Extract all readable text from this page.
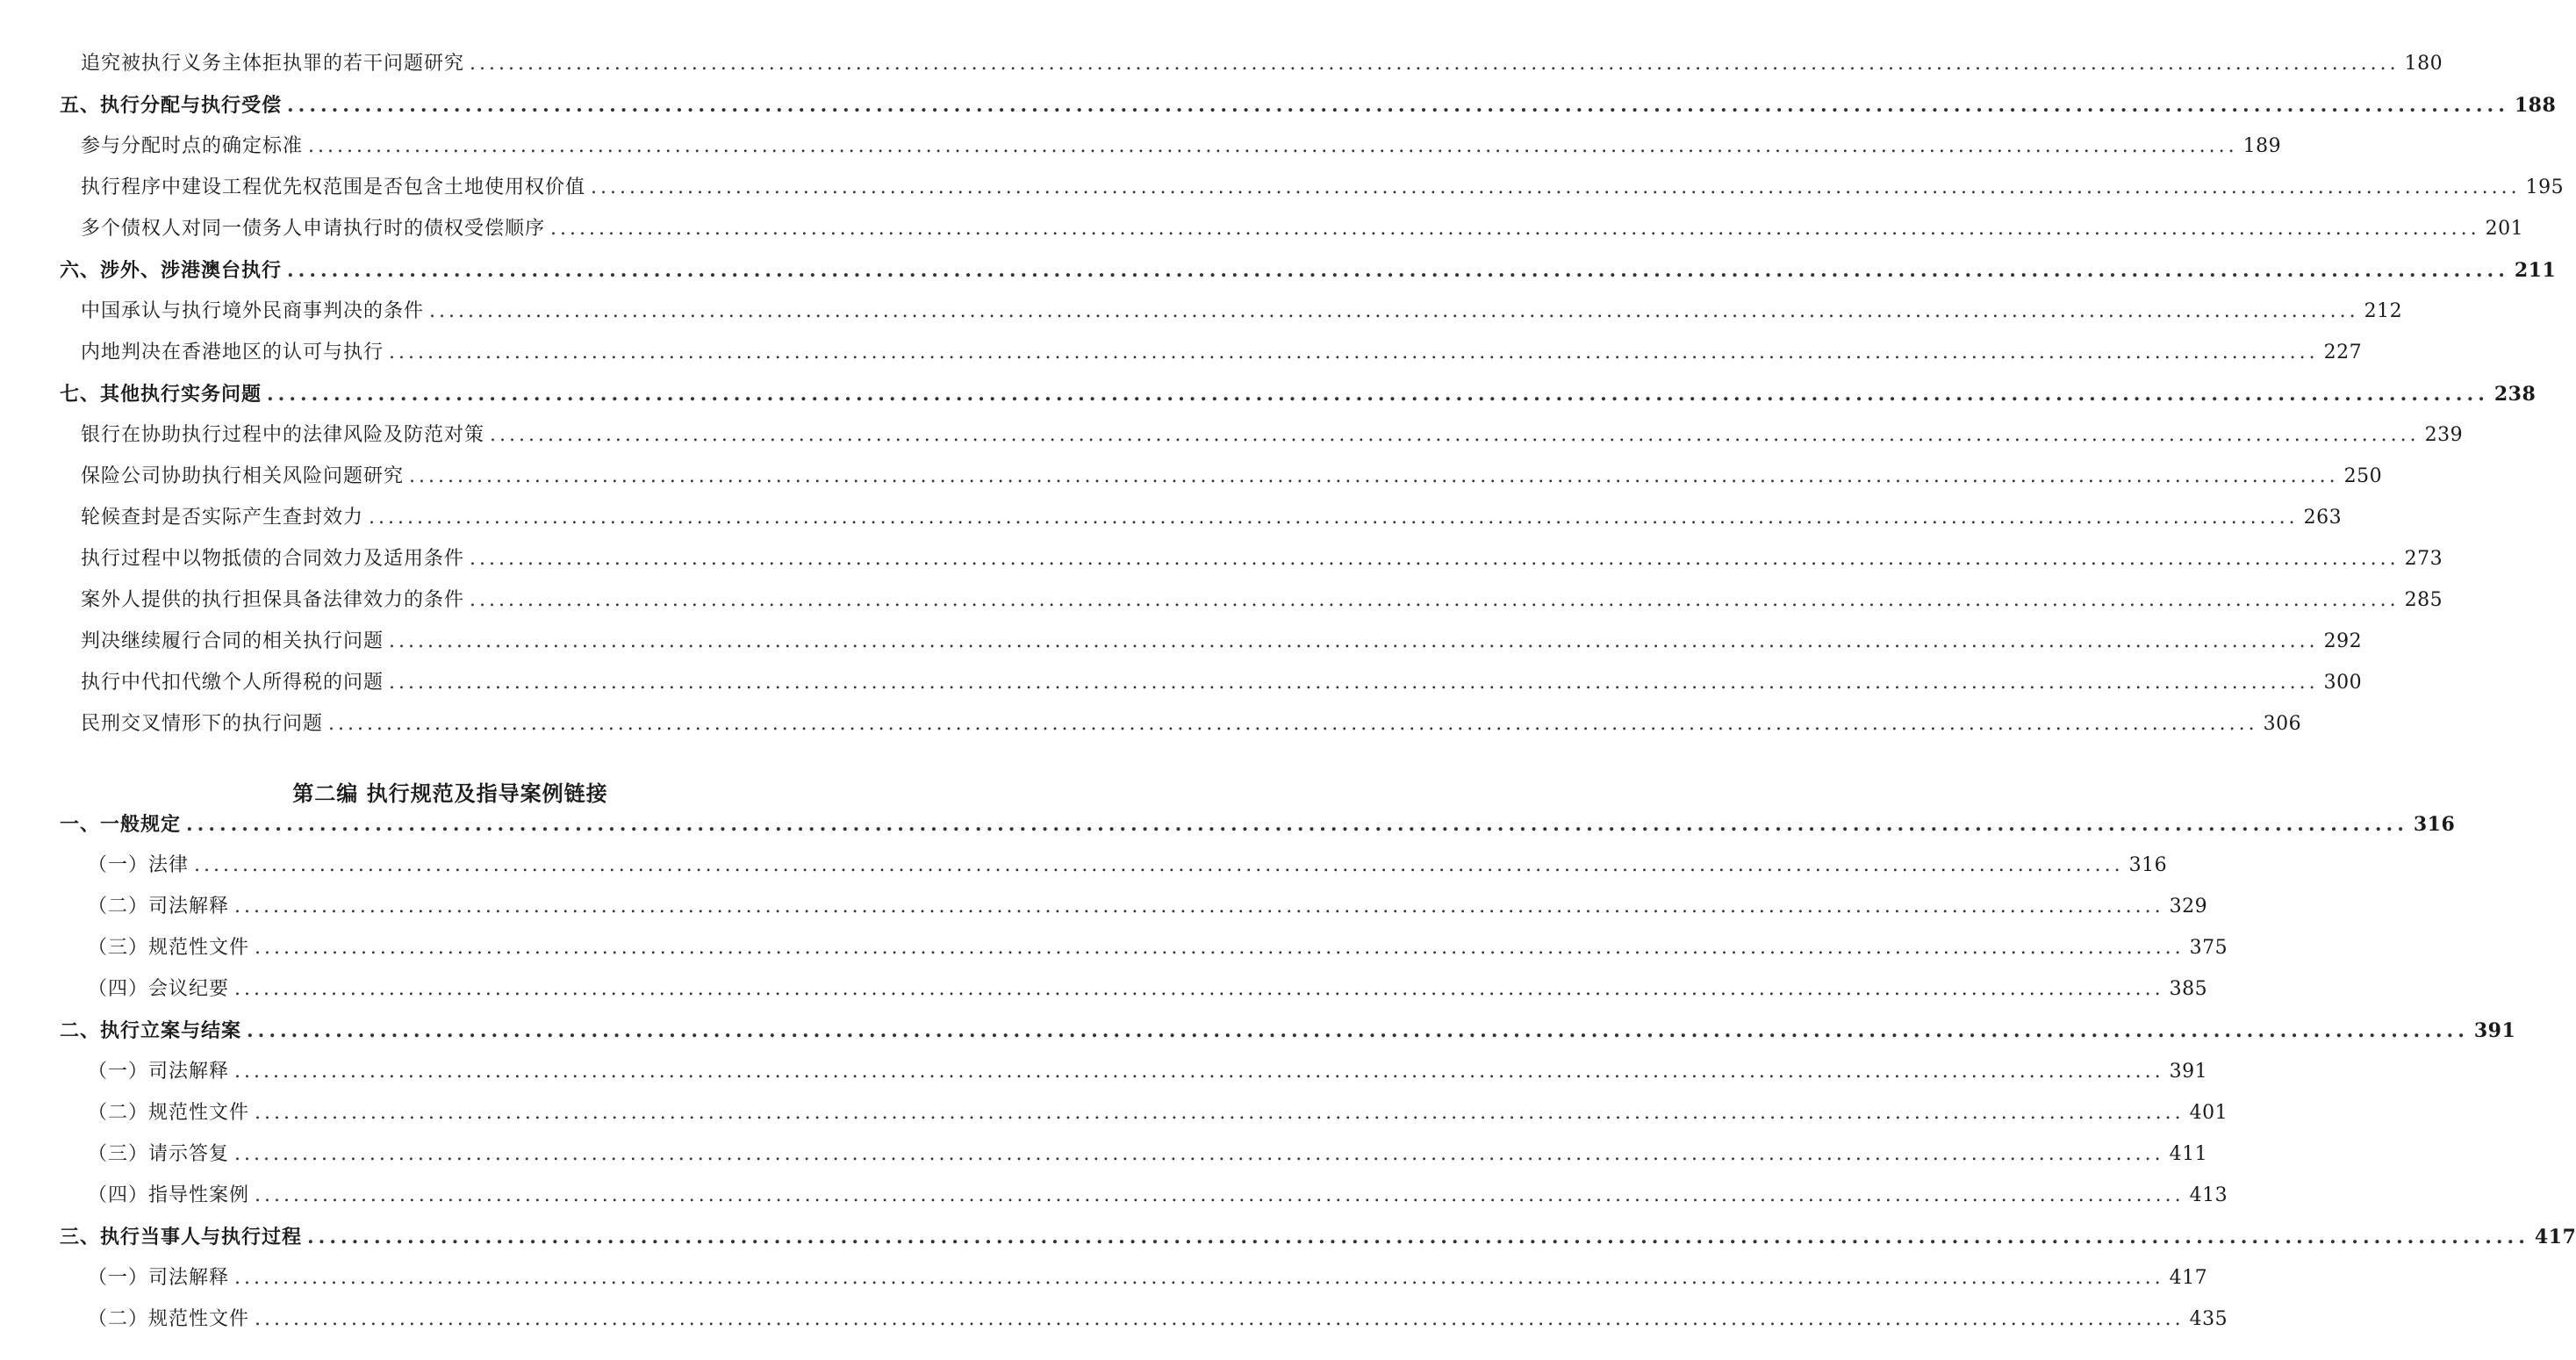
追究被执行义务主体拒执罪的若干问题研究 ........................................................................................................................................................................................................ 180
五、执行分配与执行受偿 ........................................................................................................................................................................................................ 188
参与分配时点的确定标准 ........................................................................................................................................................................................................ 189
执行程序中建设工程优先权范围是否包含土地使用权价值 ........................................................................................................................................................................................................ 195
多个债权人对同一债务人申请执行时的债权受偿顺序 ........................................................................................................................................................................................................ 201
六、涉外、涉港澳台执行 ........................................................................................................................................................................................................ 211
中国承认与执行境外民商事判决的条件 ........................................................................................................................................................................................................ 212
内地判决在香港地区的认可与执行 ........................................................................................................................................................................................................ 227
七、其他执行实务问题 ........................................................................................................................................................................................................ 238
银行在协助执行过程中的法律风险及防范对策 ........................................................................................................................................................................................................ 239
保险公司协助执行相关风险问题研究 ........................................................................................................................................................................................................ 250
轮候查封是否实际产生查封效力 ........................................................................................................................................................................................................ 263
执行过程中以物抵债的合同效力及适用条件 ........................................................................................................................................................................................................ 273
案外人提供的执行担保具备法律效力的条件 ........................................................................................................................................................................................................ 285
判决继续履行合同的相关执行问题 ........................................................................................................................................................................................................ 292
执行中代扣代缴个人所得税的问题 ........................................................................................................................................................................................................ 300
民刑交叉情形下的执行问题 ........................................................................................................................................................................................................ 306
第二编 执行规范及指导案例链接
一、一般规定 ........................................................................................................................................................................................................ 316
（一）法律 ........................................................................................................................................................................................................ 316
（二）司法解释 ........................................................................................................................................................................................................ 329
（三）规范性文件 ........................................................................................................................................................................................................ 375
（四）会议纪要 ........................................................................................................................................................................................................ 385
二、执行立案与结案 ........................................................................................................................................................................................................ 391
（一）司法解释 ........................................................................................................................................................................................................ 391
（二）规范性文件 ........................................................................................................................................................................................................ 401
（三）请示答复 ........................................................................................................................................................................................................ 411
（四）指导性案例 ........................................................................................................................................................................................................ 413
三、执行当事人与执行过程 ........................................................................................................................................................................................................ 417
（一）司法解释 ........................................................................................................................................................................................................ 417
（二）规范性文件 ........................................................................................................................................................................................................ 435
